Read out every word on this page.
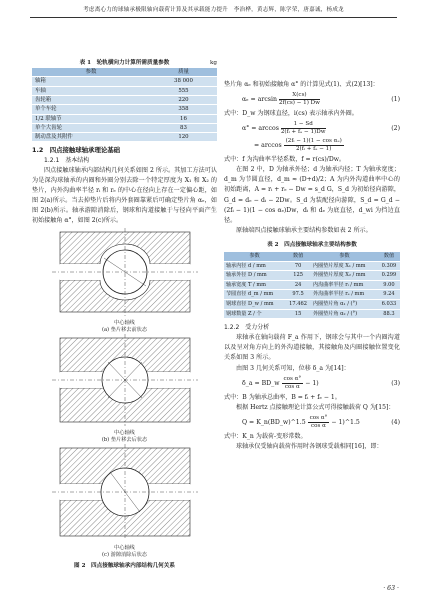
考虑离心力的球轴承极限轴向载荷计算及其承载能力提升　李治桦，黄志辉，陈学荣，唐嘉诚，杨成龙
表 1　轮轨横向力计算所需质量参数	kg
参数	质量
轴箱	38 000
车轴	555
齿轮箱	220
单个车轮	358
1/2 联轴节	16
单个大齿轮	83
制动盘及其附件	120
1.2　四点接触球轴承理论基础
1.2.1　基本结构

四点接触球轴承内部结构几何关系如图 2 所示。其加工方法可认为是深沟球轴承的内圈和外圈分别去除一个特定厚度为 X₁ 和 X₂ 的垫片，内外沟曲率半径 rᵢ 和 rₑ 的中心在径向上存在一定偏心距，如图 2(a)所示。当去掉垫片后将内外套圈靠紧后可确定垫片角 αₑ，如图 2(b)所示。轴承游隙消除后，钢球和沟道接触于与径向平面产生初始接触角 α°，如图 2(c)所示。

中心轴线
(a) 垫片移去前状态
中心轴线
(b) 垫片移去后状态
中心轴线
(c) 游隙消除后状态
图 2　四点接触球轴承内部结构几何关系

垫片角 αₑ 和初始接触角 α° 的计算见式(1)、式(2)[13]：

$\alpha_e = \arcsin \frac{X(cs)}{2f(cs) - 1) Dw}$	(1)

式中：D_w 为钢球直径，i(cs) 表示轴承内外圈。

$\alpha^\circ = \arccos \frac{1 - Sd}{\text{2(fᵢ + fₑ − 1)Dw}}$	(2)
= $\arccos \frac{\text{(2fᵢ − 1)(1 − cos αₑ)}}{\text{2(fᵢ + fₑ − 1)}}$

式中：f 为沟曲率半径系数，f = r(cs)/Dw。

在图 2 中，D 为轴承外径；d 为轴承内径；T 为轴承宽度；d_m 为节圆直径，d_m ≈ (D+d)/2；A 为内外沟道曲率中心的初始距离，A = rᵢ + rₑ − Dw = s_d G，S_d 为初始径向游隙，G_d = dₑ − dᵢ − 2Dw。S_d 为装配径向游隙，S_d = G_d − (2fᵢ − 1)(1 − cos αₑ)Dw，dᵢ 和 dₑ 为底直径，d_wi 为挡边直径。

原轴端四点接触球轴承主要结构参数如表 2 所示。

表 2　四点接触球轴承主要结构参数
参数	数值	参数	数值
轴承内径 d / mm	70	内圈垫片厚度 X₁ / mm	0.309
轴承外径 D / mm	125	外圈垫片厚度 X₂ / mm	0.299
轴承宽度 T / mm	24	内沟曲率半径 rᵢ / mm	9.00
节圆直径 d_m / mm	97.5	外沟曲率半径 rₑ / mm	9.24
钢球直径 D_w / mm	17.462	内圈垫片角 α₁ / (°)	6.033
钢球数量 Z / 个	15	外圈垫片角 α₂ / (°)	88.3
1.2.2　受力分析

球轴承在轴向载荷 F_a 作用下，钢球会与其中一个内圈沟道以及呈对角方向上的外沟道接触，其接触角及内圈接触位置变化关系如图 3 所示。

由图 3 几何关系可知，位移 δ_a 为[14]：

δ_a = BD_w $\frac{\text{cos α°}}{\text{cos α}} - 1$)	(3)

式中：B 为轴承总曲率，B = fᵢ + fₑ − 1。

根据 Hertz 点接触理论计算公式可得接触载荷 Q 为[15]：

Q = K_n(BD_w)^1.5 $\frac{\text{cos α°}}{\text{cos α}}$ − 1)^1.5	(4)

式中：K_n 为载荷-变形常数。

球轴承仅受轴向载荷作用时各钢球受载相同[16]，即：

· 63 ·
